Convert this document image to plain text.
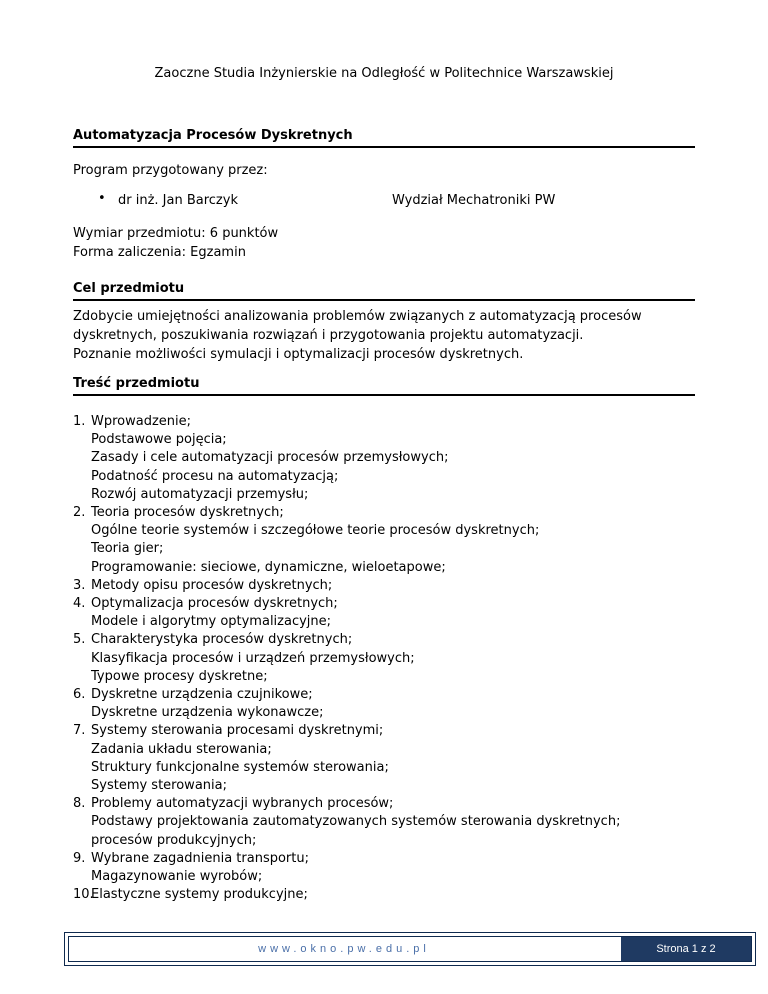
Zaoczne Studia Inżynierskie na Odległość w Politechnice Warszawskiej
Automatyzacja Procesów Dyskretnych
Program przygotowany przez:
• dr inż. Jan Barczyk	Wydział Mechatroniki PW
Wymiar przedmiotu: 6 punktów
Forma zaliczenia: Egzamin
Cel przedmiotu
Zdobycie umiejętności analizowania problemów związanych z automatyzacją procesów
dyskretnych, poszukiwania rozwiązań i przygotowania projektu automatyzacji.
Poznanie możliwości symulacji i optymalizacji procesów dyskretnych.
Treść przedmiotu
1. Wprowadzenie;
Podstawowe pojęcia;
Zasady i cele automatyzacji procesów przemysłowych;
Podatność procesu na automatyzacją;
Rozwój automatyzacji przemysłu;
2. Teoria procesów dyskretnych;
Ogólne teorie systemów i szczegółowe teorie procesów dyskretnych;
Teoria gier;
Programowanie: sieciowe, dynamiczne, wieloetapowe;
3. Metody opisu procesów dyskretnych;
4. Optymalizacja procesów dyskretnych;
Modele i algorytmy optymalizacyjne;
5. Charakterystyka procesów dyskretnych;
Klasyfikacja procesów i urządzeń przemysłowych;
Typowe procesy dyskretne;
6. Dyskretne urządzenia czujnikowe;
Dyskretne urządzenia wykonawcze;
7. Systemy sterowania procesami dyskretnymi;
Zadania układu sterowania;
Struktury funkcjonalne systemów sterowania;
Systemy sterowania;
8. Problemy automatyzacji wybranych procesów;
Podstawy projektowania zautomatyzowanych systemów sterowania dyskretnych;
procesów produkcyjnych;
9. Wybrane zagadnienia transportu;
Magazynowanie wyrobów;
10.
Elastyczne systemy produkcyjne;
www.okno.pw.edu.pl	Strona 1 z 2
